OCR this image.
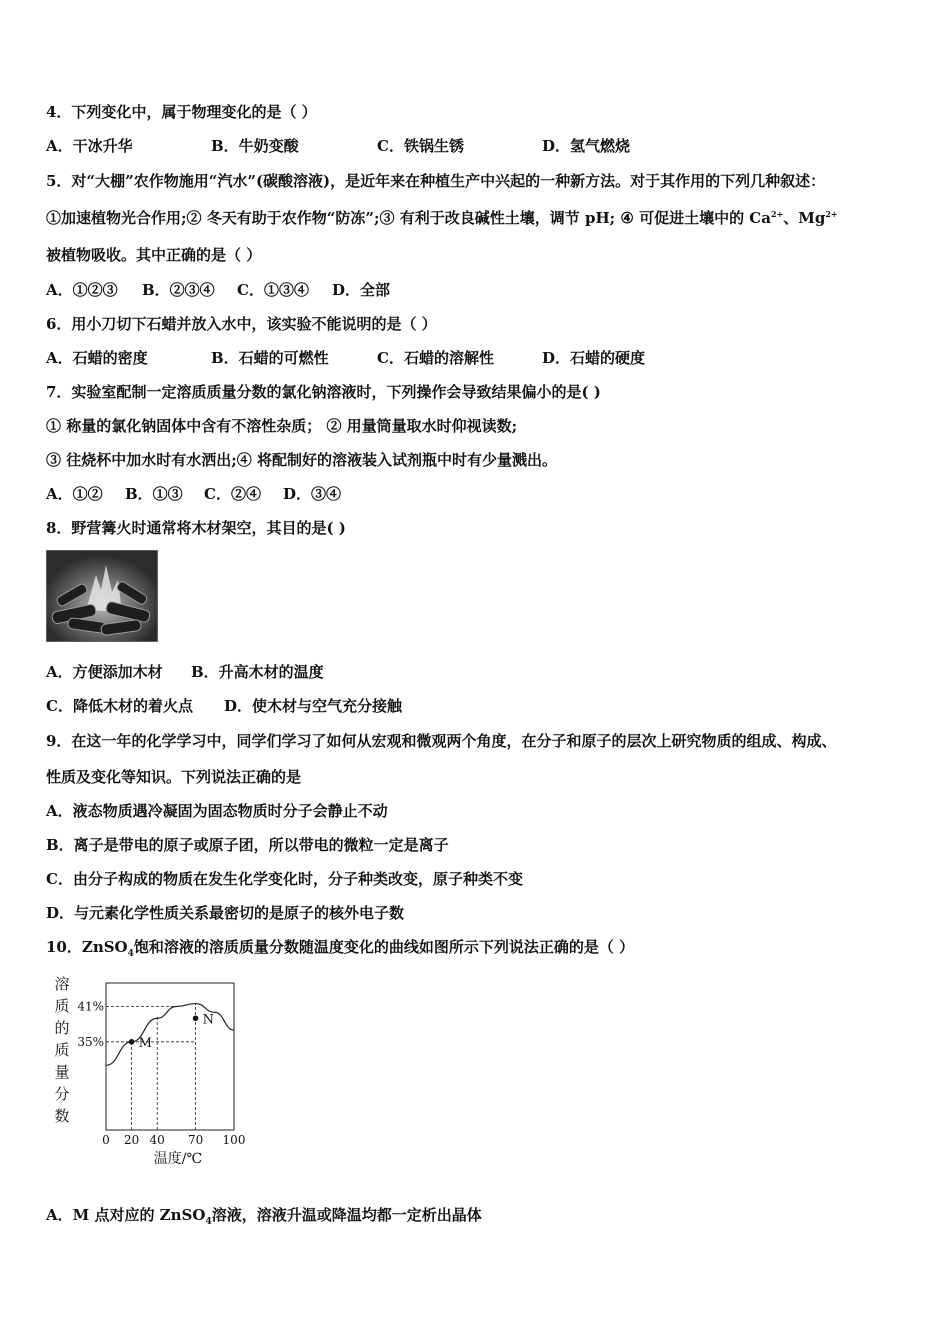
4．下列变化中，属于物理变化的是（ ）
A．干冰升华	B．牛奶变酸	C．铁锅生锈	D．氢气燃烧
5．对“大棚”农作物施用“汽水”(碳酸溶液)，是近年来在种植生产中兴起的一种新方法。对于其作用的下列几种叙述：
①加速植物光合作用;② 冬天有助于农作物“防冻”;③ 有利于改良碱性土壤，调节 pH; ④ 可促进土壤中的 $Ca^{2+}$、$Mg^{2+}$
被植物吸收。其中正确的是（ ）
A．①②③ B．②③④ C．①③④ D．全部
6．用小刀切下石蜡并放入水中，该实验不能说明的是（ ）
A．石蜡的密度	B．石蜡的可燃性	C．石蜡的溶解性	D．石蜡的硬度
7．实验室配制一定溶质质量分数的氯化钠溶液时，下列操作会导致结果偏小的是( )
① 称量的氯化钠固体中含有不溶性杂质； ② 用量筒量取水时仰视读数;
③ 往烧杯中加水时有水洒出;④ 将配制好的溶液装入试剂瓶中时有少量溅出。
A．①② B．①③ C．②④ D．③④
8．野营篝火时通常将木材架空，其目的是( )
A．方便添加木材 B．升高木材的温度
C．降低木材的着火点 D．使木材与空气充分接触
9．在这一年的化学学习中，同学们学习了如何从宏观和微观两个角度，在分子和原子的层次上研究物质的组成、构成、
性质及变化等知识。下列说法正确的是
A．液态物质遇冷凝固为固态物质时分子会静止不动
B．离子是带电的原子或原子团，所以带电的微粒一定是离子
C．由分子构成的物质在发生化学变化时，分子种类改变，原子种类不变
D．与元素化学性质关系最密切的是原子的核外电子数
10．ZnSO$_4$饱和溶液的溶质质量分数随温度变化的曲线如图所示下列说法正确的是（ ）
溶
质
的
质
量
分
数
41%
35%
0 20 40 70 100
M
N
温度/℃
A．M 点对应的 ZnSO$_4$溶液，溶液升温或降温均都一定析出晶体
